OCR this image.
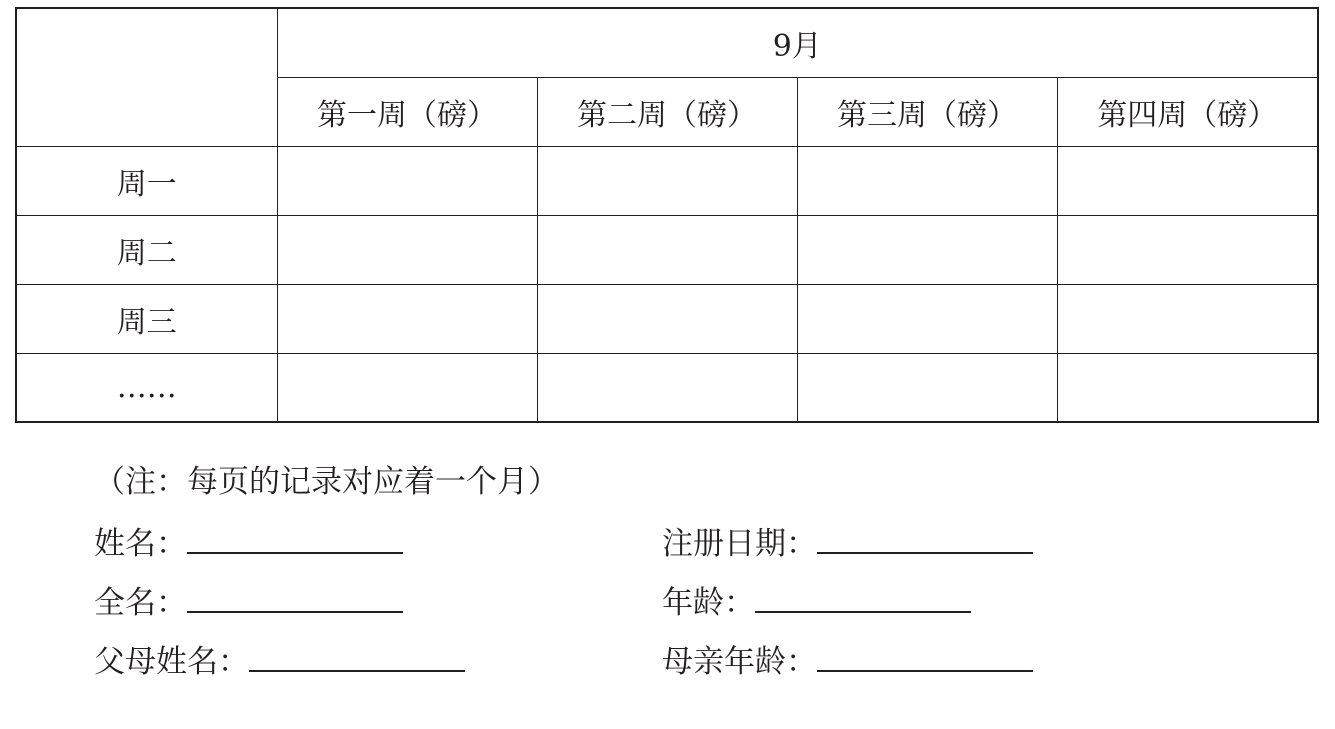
	9月			
	第一周（磅）	第二周（磅）	第三周（磅）	第四周（磅）
周一				
周二				
周三				
……				
（注：每页的记录对应着一个月）
姓名：	注册日期：
全名：	年龄：
父母姓名：	母亲年龄：
